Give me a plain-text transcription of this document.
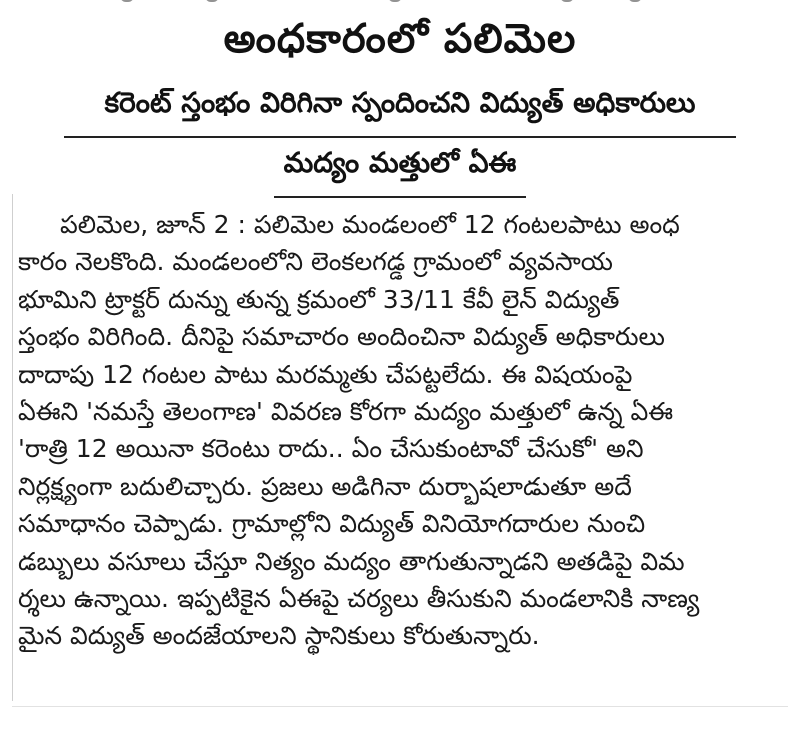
అంధకారంలో పలిమెల
కరెంట్ స్తంభం విరిగినా స్పందించని విద్యుత్ అధికారులు
మద్యం మత్తులో ఏఈ
పలిమెల, జూన్ 2 : పలిమెల మండలంలో 12 గంటలపాటు అంధ
కారం నెలకొంది. మండలంలోని లెంకలగడ్డ గ్రామంలో వ్యవసాయ
భూమిని ట్రాక్టర్ దున్ను తున్న క్రమంలో 33/11 కేవీ లైన్ విద్యుత్
స్తంభం విరిగింది. దీనిపై సమాచారం అందించినా విద్యుత్ అధికారులు
దాదాపు 12 గంటల పాటు మరమ్మతు చేపట్టలేదు. ఈ విషయంపై
ఏఈని 'నమస్తే తెలంగాణ' వివరణ కోరగా మద్యం మత్తులో ఉన్న ఏఈ
'రాత్రి 12 అయినా కరెంటు రాదు.. ఏం చేసుకుంటావో చేసుకో' అని
నిర్లక్ష్యంగా బదులిచ్చారు. ప్రజలు అడిగినా దుర్భాషలాడుతూ అదే
సమాధానం చెప్పాడు. గ్రామాల్లోని విద్యుత్ వినియోగదారుల నుంచి
డబ్బులు వసూలు చేస్తూ నిత్యం మద్యం తాగుతున్నాడని అతడిపై విమ
ర్శలు ఉన్నాయి. ఇప్పటికైన ఏఈపై చర్యలు తీసుకుని మండలానికి నాణ్య
మైన విద్యుత్ అందజేయాలని స్థానికులు కోరుతున్నారు.
